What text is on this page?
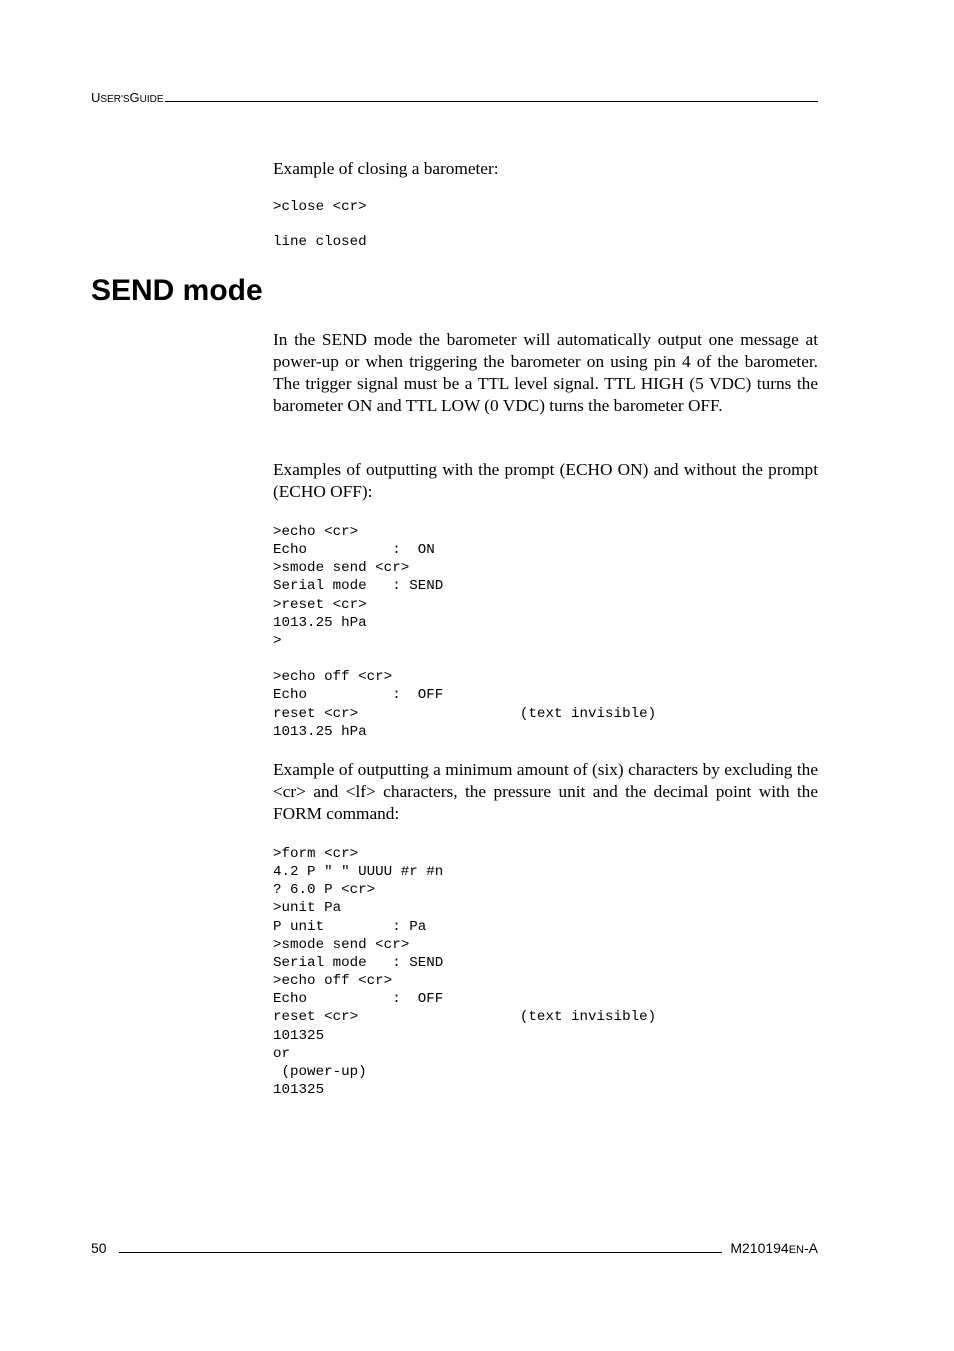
U SER'S G UIDE

Example of closing a barometer:

>close <cr>
line closed
SEND mode

In the SEND mode the barometer will automatically output one message at power-up or when triggering the barometer on using pin 4 of the barometer. The trigger signal must be a TTL level signal. TTL HIGH (5 VDC) turns the barometer ON and TTL LOW (0 VDC) turns the barometer OFF.

Examples of outputting with the prompt (ECHO ON) and without the prompt (ECHO OFF):

>echo <cr>
Echo          :  ON
>smode send <cr>
Serial mode   : SEND
>reset <cr>
1013.25 hPa
>

>echo off <cr>
Echo          :  OFF
reset <cr>                   (text invisible)
1013.25 hPa

Example of outputting a minimum amount of (six) characters by excluding the <cr> and <lf> characters, the pressure unit and the decimal point with the FORM command:

>form <cr>
4.2 P " " UUUU #r #n
? 6.0 P <cr>
>unit Pa
P unit        : Pa
>smode send <cr>
Serial mode   : SEND
>echo off <cr>
Echo          :  OFF
reset <cr>                   (text invisible)
101325
or
(power-up)
101325
50	M210194 EN -A
